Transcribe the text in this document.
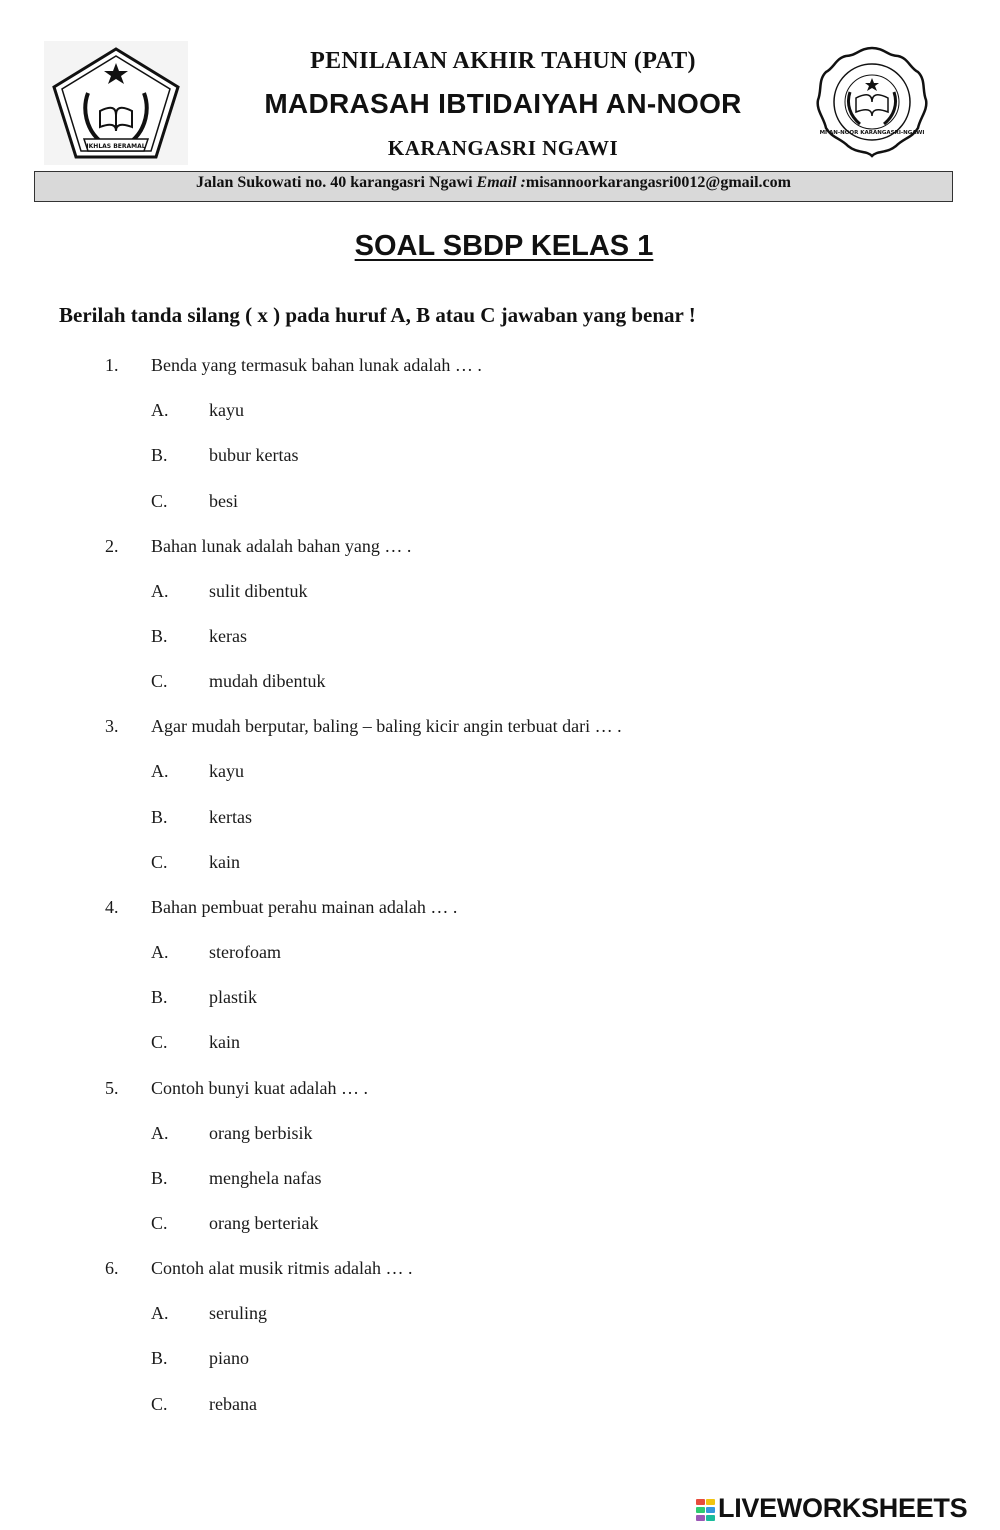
IKHLAS BERAMAL
MI AN-NOOR KARANGASRI-NGAWI
PENILAIAN AKHIR TAHUN (PAT)
MADRASAH IBTIDAIYAH AN-NOOR
KARANGASRI NGAWI
Jalan Sukowati no. 40 karangasri Ngawi Email :misannoorkarangasri0012@gmail.com
SOAL SBDP KELAS 1
Berilah tanda silang ( x ) pada huruf A, B atau C jawaban yang benar !
1. Benda yang termasuk bahan lunak adalah … .
A. kayu
B. bubur kertas
C. besi
2. Bahan lunak adalah bahan yang … .
A. sulit dibentuk
B. keras
C. mudah dibentuk
3. Agar mudah berputar, baling – baling kicir angin terbuat dari … .
A. kayu
B. kertas
C. kain
4. Bahan pembuat perahu mainan adalah … .
A. sterofoam
B. plastik
C. kain
5. Contoh bunyi kuat adalah … .
A. orang berbisik
B. menghela nafas
C. orang berteriak
6. Contoh alat musik ritmis adalah … .
A. seruling
B. piano
C. rebana
LIVEWORKSHEETS
